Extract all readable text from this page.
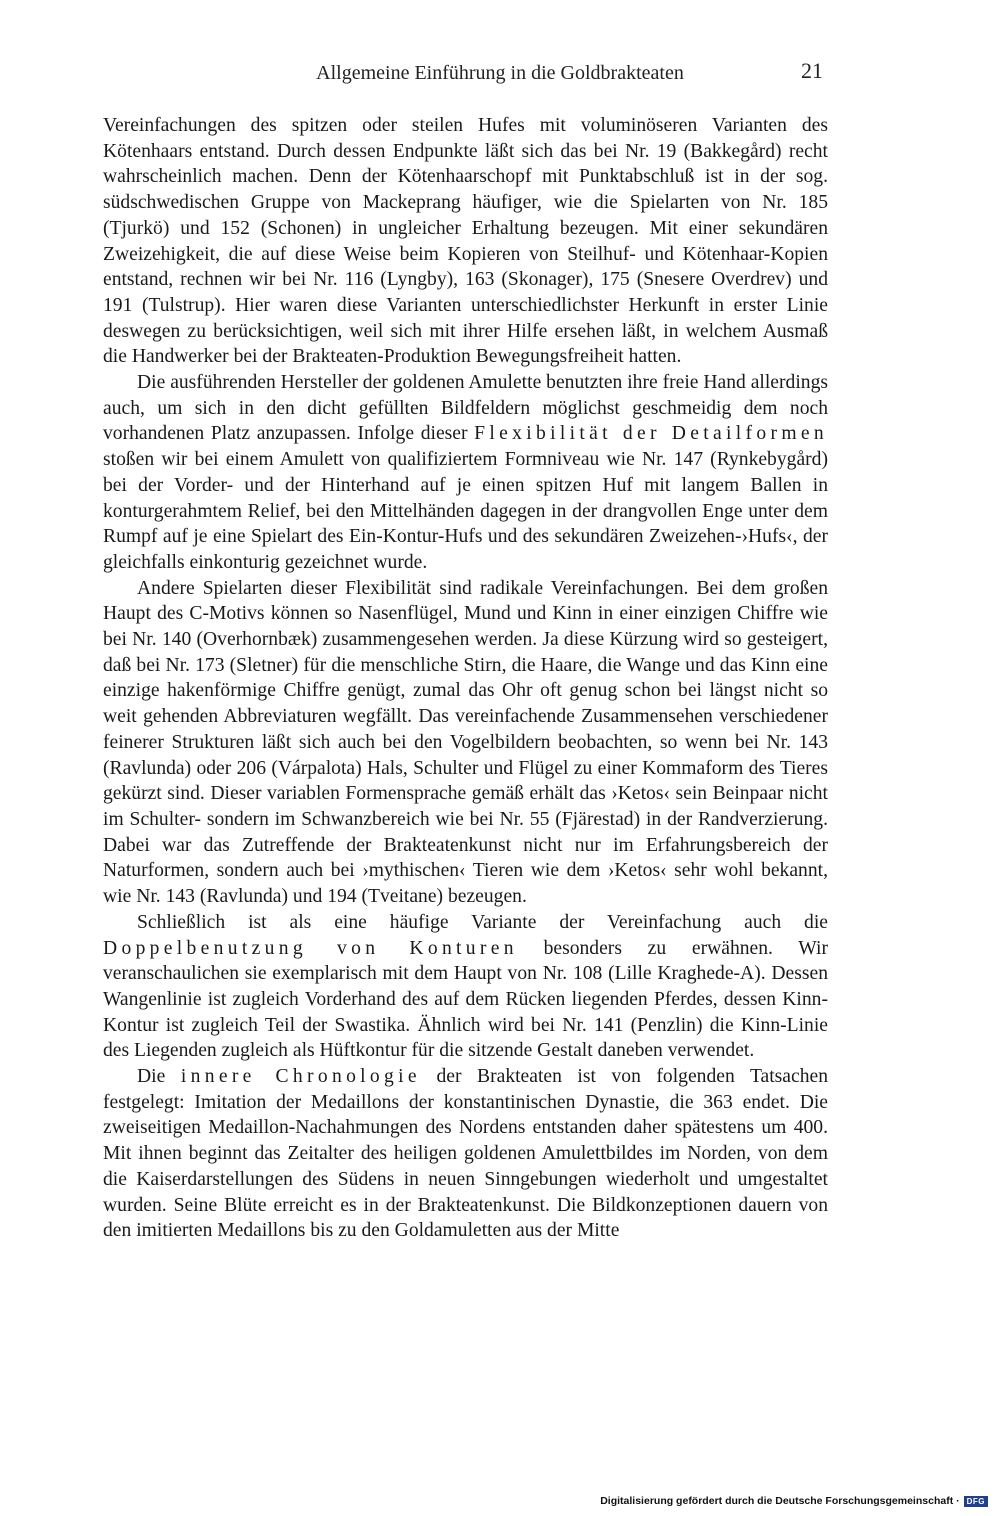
Allgemeine Einführung in die Goldbrakteaten	21

Vereinfachungen des spitzen oder steilen Hufes mit voluminöseren Varianten des Kötenhaars entstand. Durch dessen Endpunkte läßt sich das bei Nr. 19 (Bakkegård) recht wahrscheinlich machen. Denn der Kötenhaarschopf mit Punktabschluß ist in der sog. südschwedischen Gruppe von Mackeprang häufiger, wie die Spielarten von Nr. 185 (Tjurkö) und 152 (Schonen) in ungleicher Erhaltung bezeugen. Mit einer sekundären Zweizehigkeit, die auf diese Weise beim Kopieren von Steilhuf- und Kötenhaar-Kopien entstand, rechnen wir bei Nr. 116 (Lyngby), 163 (Skonager), 175 (Snesere Overdrev) und 191 (Tulstrup). Hier waren diese Varianten unterschiedlichster Herkunft in erster Linie deswegen zu berücksichtigen, weil sich mit ihrer Hilfe ersehen läßt, in welchem Ausmaß die Handwerker bei der Brakteaten-Produktion Bewegungsfreiheit hatten.

Die ausführenden Hersteller der goldenen Amulette benutzten ihre freie Hand allerdings auch, um sich in den dicht gefüllten Bildfeldern möglichst geschmeidig dem noch vorhandenen Platz anzupassen. Infolge dieser Flexibilität der Detailformen stoßen wir bei einem Amulett von qualifiziertem Formniveau wie Nr. 147 (Rynkebygård) bei der Vorder- und der Hinterhand auf je einen spitzen Huf mit langem Ballen in konturgerahmtem Relief, bei den Mittelhänden dagegen in der drangvollen Enge unter dem Rumpf auf je eine Spielart des Ein-Kontur-Hufs und des sekundären Zweizehen-›Hufs‹, der gleichfalls einkonturig gezeichnet wurde.

Andere Spielarten dieser Flexibilität sind radikale Vereinfachungen. Bei dem großen Haupt des C-Motivs können so Nasenflügel, Mund und Kinn in einer einzigen Chiffre wie bei Nr. 140 (Overhornbæk) zusammengesehen werden. Ja diese Kürzung wird so gesteigert, daß bei Nr. 173 (Sletner) für die menschliche Stirn, die Haare, die Wange und das Kinn eine einzige hakenförmige Chiffre genügt, zumal das Ohr oft genug schon bei längst nicht so weit gehenden Abbreviaturen wegfällt. Das vereinfachende Zusammensehen verschiedener feinerer Strukturen läßt sich auch bei den Vogelbildern beobachten, so wenn bei Nr. 143 (Ravlunda) oder 206 (Várpalota) Hals, Schulter und Flügel zu einer Kommaform des Tieres gekürzt sind. Dieser variablen Formensprache gemäß erhält das ›Ketos‹ sein Beinpaar nicht im Schulter- sondern im Schwanzbereich wie bei Nr. 55 (Fjärestad) in der Randverzierung. Dabei war das Zutreffende der Brakteatenkunst nicht nur im Erfahrungsbereich der Naturformen, sondern auch bei ›mythischen‹ Tieren wie dem ›Ketos‹ sehr wohl bekannt, wie Nr. 143 (Ravlunda) und 194 (Tveitane) bezeugen.

Schließlich ist als eine häufige Variante der Vereinfachung auch die Doppelbenutzung von Konturen besonders zu erwähnen. Wir veranschaulichen sie exemplarisch mit dem Haupt von Nr. 108 (Lille Kraghede-A). Dessen Wangenlinie ist zugleich Vorderhand des auf dem Rücken liegenden Pferdes, dessen Kinn-Kontur ist zugleich Teil der Swastika. Ähnlich wird bei Nr. 141 (Penzlin) die Kinn-Linie des Liegenden zugleich als Hüftkontur für die sitzende Gestalt daneben verwendet.

Die innere Chronologie der Brakteaten ist von folgenden Tatsachen festgelegt: Imitation der Medaillons der konstantinischen Dynastie, die 363 endet. Die zweiseitigen Medaillon-Nachahmungen des Nordens entstanden daher spätestens um 400. Mit ihnen beginnt das Zeitalter des heiligen goldenen Amulettbildes im Norden, von dem die Kaiserdarstellungen des Südens in neuen Sinngebungen wiederholt und umgestaltet wurden. Seine Blüte erreicht es in der Brakteatenkunst. Die Bildkonzeptionen dauern von den imitierten Medaillons bis zu den Goldamuletten aus der Mitte

Digitalisierung gefördert durch die Deutsche Forschungsgemeinschaft · DFG
